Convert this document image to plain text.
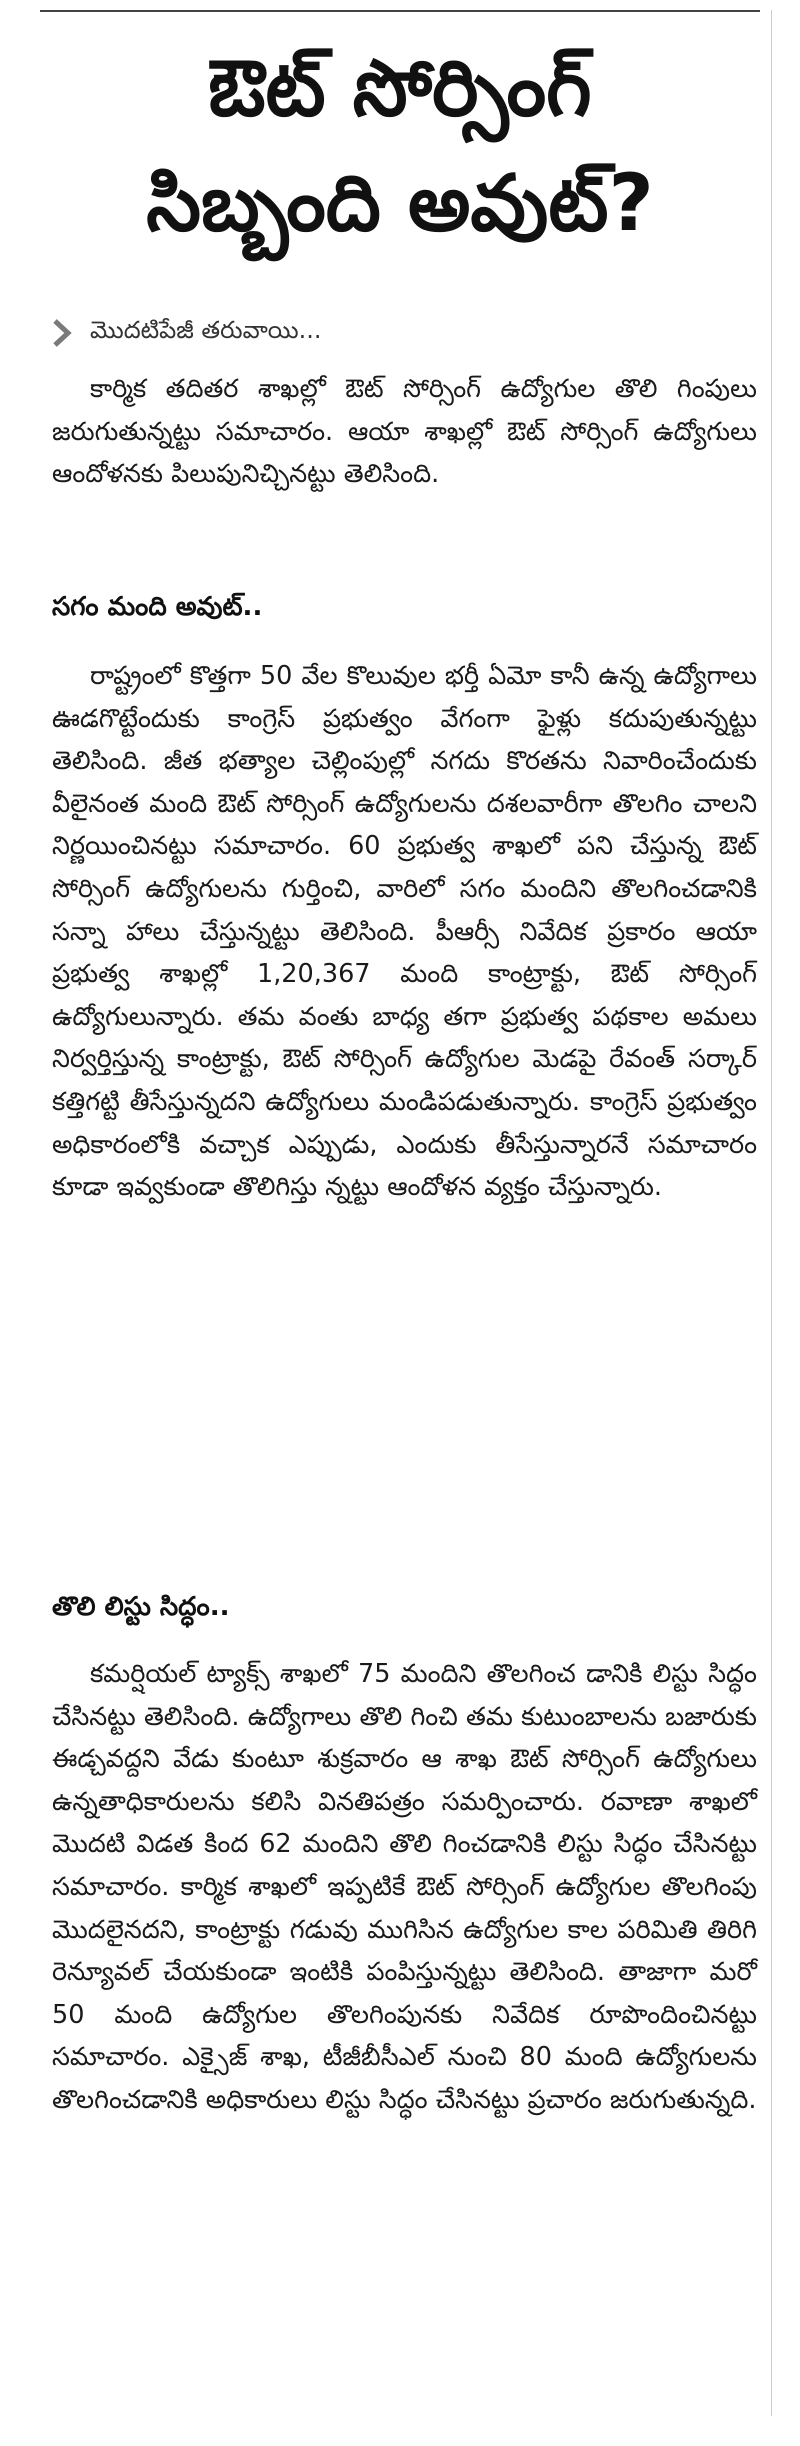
ఔట్ సోర్సింగ్
సిబ్బంది అవుట్?
మొదటిపేజీ తరువాయి...

కార్మిక తదితర శాఖల్లో ఔట్ సోర్సింగ్ ఉద్యోగుల తొలి గింపులు జరుగుతున్నట్టు సమాచారం. ఆయా శాఖల్లో ఔట్ సోర్సింగ్ ఉద్యోగులు ఆందోళనకు పిలుపునిచ్చినట్టు తెలిసింది.

సగం మంది అవుట్..

రాష్ట్రంలో కొత్తగా 50 వేల కొలువుల భర్తీ ఏమో కానీ ఉన్న ఉద్యోగాలు ఊడగొట్టేందుకు కాంగ్రెస్ ప్రభుత్వం వేగంగా ఫైళ్లు కదుపుతున్నట్టు తెలిసింది. జీత భత్యాల చెల్లింపుల్లో నగదు కొరతను నివారించేందుకు వీలైనంత మంది ఔట్ సోర్సింగ్ ఉద్యోగులను దశలవారీగా తొలగిం చాలని నిర్ణయించినట్టు సమాచారం. 60 ప్రభుత్వ శాఖలో పని చేస్తున్న ఔట్ సోర్సింగ్ ఉద్యోగులను గుర్తించి, వారిలో సగం మందిని తొలగించడానికి సన్నా హాలు చేస్తున్నట్టు తెలిసింది. పీఆర్సీ నివేదిక ప్రకారం ఆయా ప్రభుత్వ శాఖల్లో 1,20,367 మంది కాంట్రాక్టు, ఔట్ సోర్సింగ్ ఉద్యోగులున్నారు. తమ వంతు బాధ్య తగా ప్రభుత్వ పథకాల అమలు నిర్వర్తిస్తున్న కాంట్రాక్టు, ఔట్ సోర్సింగ్ ఉద్యోగుల మెడపై రేవంత్ సర్కార్ కత్తిగట్టి తీసేస్తున్నదని ఉద్యోగులు మండిపడుతున్నారు. కాంగ్రెస్ ప్రభుత్వం అధికారంలోకి వచ్చాక ఎప్పుడు, ఎందుకు తీసేస్తున్నారనే సమాచారం కూడా ఇవ్వకుండా తొలిగిస్తు న్నట్టు ఆందోళన వ్యక్తం చేస్తున్నారు.

తొలి లిస్టు సిద్ధం..

కమర్షియల్ ట్యాక్స్ శాఖలో 75 మందిని తొలగించ డానికి లిస్టు సిద్ధం చేసినట్టు తెలిసింది. ఉద్యోగాలు తొలి గించి తమ కుటుంబాలను బజారుకు ఈడ్చవద్దని వేడు కుంటూ శుక్రవారం ఆ శాఖ ఔట్ సోర్సింగ్ ఉద్యోగులు ఉన్నతాధికారులను కలిసి వినతిపత్రం సమర్పించారు. రవాణా శాఖలో మొదటి విడత కింద 62 మందిని తొలి గించడానికి లిస్టు సిద్ధం చేసినట్టు సమాచారం. కార్మిక శాఖలో ఇప్పటికే ఔట్ సోర్సింగ్ ఉద్యోగుల తొలగింపు మొదలైనదని, కాంట్రాక్టు గడువు ముగిసిన ఉద్యోగుల కాల పరిమితి తిరిగి రెన్యూవల్ చేయకుండా ఇంటికి పంపిస్తున్నట్టు తెలిసింది. తాజాగా మరో 50 మంది ఉద్యోగుల తొలగింపునకు నివేదిక రూపొందించినట్టు సమాచారం. ఎక్సైజ్ శాఖ, టీజీబీసీఎల్ నుంచి 80 మంది ఉద్యోగులను తొలగించడానికి అధికారులు లిస్టు సిద్ధం చేసినట్టు ప్రచారం జరుగుతున్నది.
